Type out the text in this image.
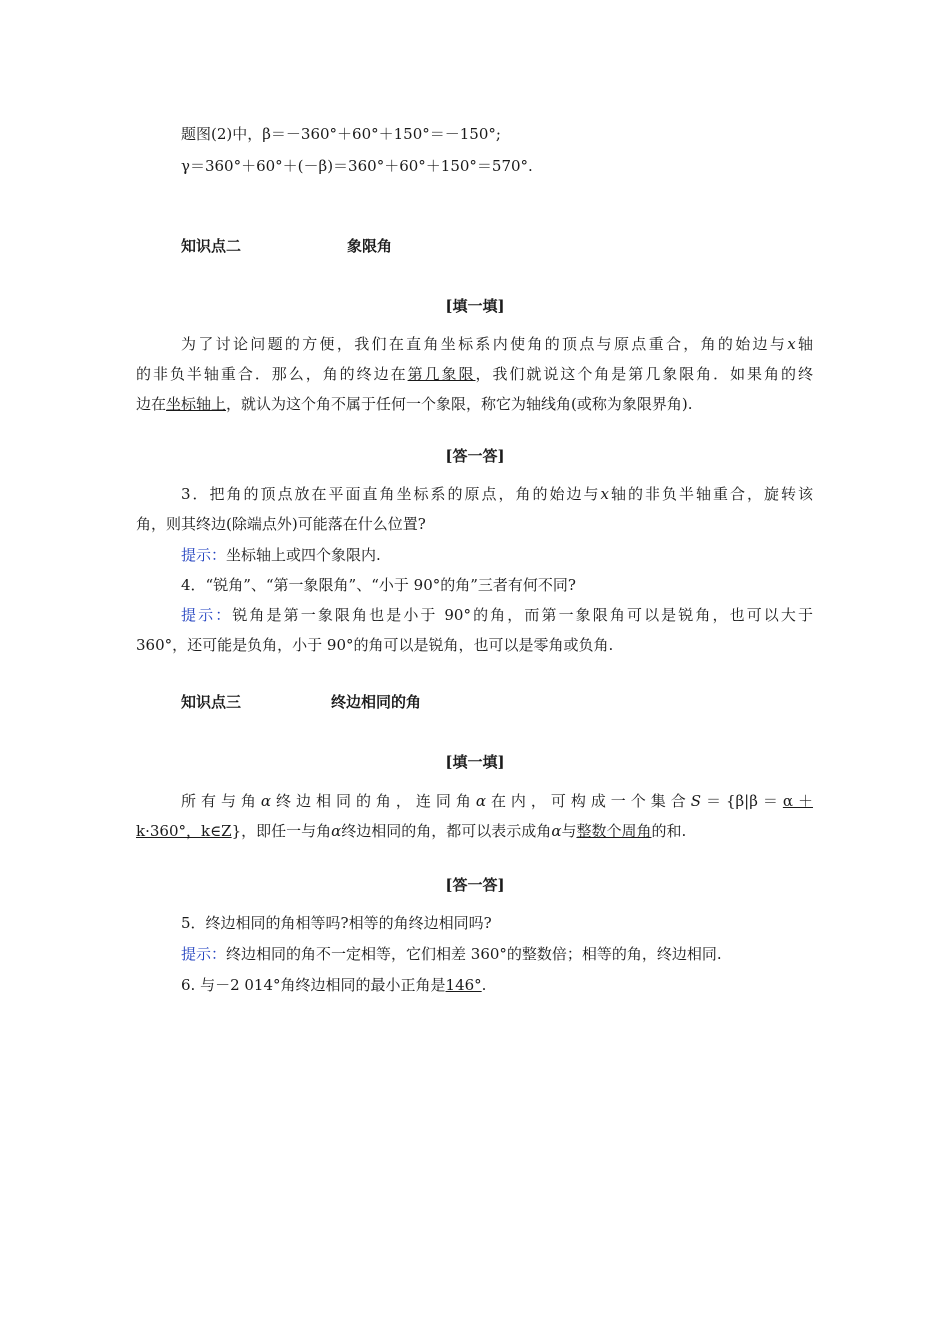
题图(2)中，β＝－360°＋60°＋150°＝－150°;
γ＝360°＋60°＋(－β)＝360°＋60°＋150°＝570°.
知识点二	象限角
[填一填]
为了讨论问题的方便，我们在直角坐标系内使角的顶点与原点重合，角的始边与x轴
的非负半轴重合．那么，角的终边在第几象限，我们就说这个角是第几象限角．如果角的终
边在坐标轴上，就认为这个角不属于任何一个象限，称它为轴线角(或称为象限界角).
[答一答]
3．把角的顶点放在平面直角坐标系的原点，角的始边与x轴的非负半轴重合，旋转该
角，则其终边(除端点外)可能落在什么位置?
提示：坐标轴上或四个象限内.
4．“锐角”、“第一象限角”、“小于 90°的角”三者有何不同?
提示：锐角是第一象限角也是小于 90°的角，而第一象限角可以是锐角，也可以大于
360°，还可能是负角，小于 90°的角可以是锐角，也可以是零角或负角.
知识点三	终边相同的角
[填一填]
所有与角α终边相同的角，连同角α在内，可构成一个集合S＝{β|β＝α＋
k·360°，k∈Z}，即任一与角α终边相同的角，都可以表示成角α与整数个周角的和.
[答一答]
5．终边相同的角相等吗?相等的角终边相同吗?
提示：终边相同的角不一定相等，它们相差 360°的整数倍；相等的角，终边相同.
6. 与－2 014°角终边相同的最小正角是146°.
